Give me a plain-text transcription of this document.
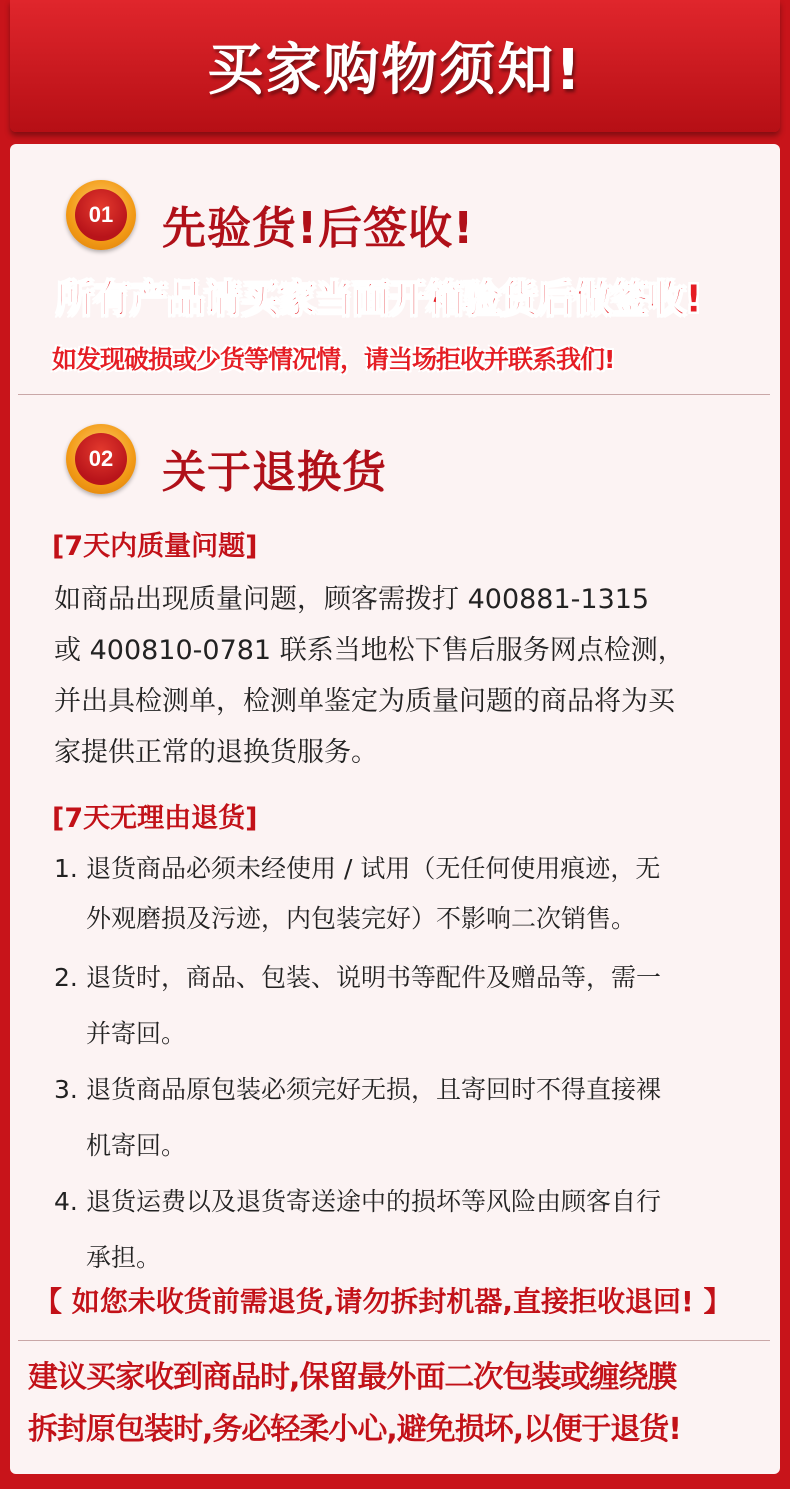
买家购物须知!
01	先验货!后签收!
所有产品请买家当面开箱验货后做签收!
如发现破损或少货等情况情，请当场拒收并联系我们!
02	关于退换货
[7天内质量问题]
如商品出现质量问题，顾客需拨打 400881-1315
或 400810-0781 联系当地松下售后服务网点检测，
并出具检测单，检测单鉴定为质量问题的商品将为买
家提供正常的退换货服务。
[7天无理由退货]
1. 退货商品必须未经使用 / 试用（无任何使用痕迹，无
外观磨损及污迹，内包装完好）不影响二次销售。
2. 退货时，商品、包装、说明书等配件及赠品等，需一
并寄回。
3. 退货商品原包装必须完好无损，且寄回时不得直接裸
机寄回。
4. 退货运费以及退货寄送途中的损坏等风险由顾客自行
承担。
【 如您未收货前需退货,请勿拆封机器,直接拒收退回! 】
建议买家收到商品时,保留最外面二次包装或缠绕膜
拆封原包装时,务必轻柔小心,避免损坏,以便于退货!
